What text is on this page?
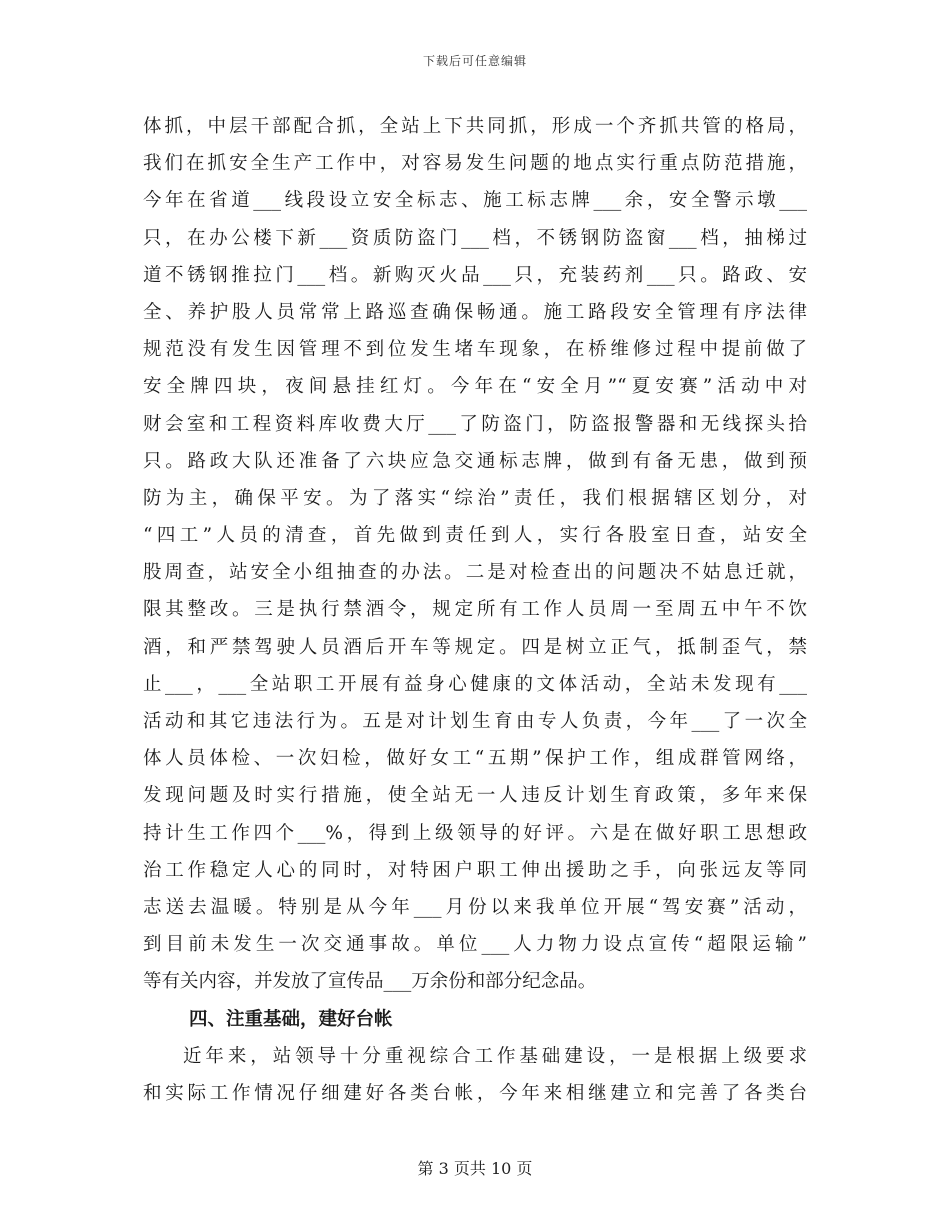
下载后可任意编辑
体抓，中层干部配合抓，全站上下共同抓，形成一个齐抓共管的格局，
我们在抓安全生产工作中，对容易发生问题的地点实行重点防范措施，
今年在省道___线段设立安全标志、施工标志牌___余，安全警示墩___
只，在办公楼下新___资质防盗门___档，不锈钢防盗窗___档，抽梯过
道不锈钢推拉门___档。新购灭火品___只，充装药剂___只。路政、安
全、养护股人员常常上路巡查确保畅通。施工路段安全管理有序法律
规范没有发生因管理不到位发生堵车现象，在桥维修过程中提前做了
安全牌四块，夜间悬挂红灯。今年在“安全月”“夏安赛”活动中对
财会室和工程资料库收费大厅___了防盗门，防盗报警器和无线探头拾
只。路政大队还准备了六块应急交通标志牌，做到有备无患，做到预
防为主，确保平安。为了落实“综治”责任，我们根据辖区划分，对
“四工”人员的清查，首先做到责任到人，实行各股室日查，站安全
股周查，站安全小组抽查的办法。二是对检查出的问题决不姑息迁就，
限其整改。三是执行禁酒令，规定所有工作人员周一至周五中午不饮
酒，和严禁驾驶人员酒后开车等规定。四是树立正气，抵制歪气，禁
止___，___全站职工开展有益身心健康的文体活动，全站未发现有___
活动和其它违法行为。五是对计划生育由专人负责，今年___了一次全
体人员体检、一次妇检，做好女工“五期”保护工作，组成群管网络，
发现问题及时实行措施，使全站无一人违反计划生育政策，多年来保
持计生工作四个___%，得到上级领导的好评。六是在做好职工思想政
治工作稳定人心的同时，对特困户职工伸出援助之手，向张远友等同
志送去温暖。特别是从今年___月份以来我单位开展“驾安赛”活动，
到目前未发生一次交通事故。单位___人力物力设点宣传“超限运输”
等有关内容，并发放了宣传品___万余份和部分纪念品。
四、注重基础，建好台帐
近年来，站领导十分重视综合工作基础建设，一是根据上级要求
和实际工作情况仔细建好各类台帐，今年来相继建立和完善了各类台
第 3 页共 10 页
